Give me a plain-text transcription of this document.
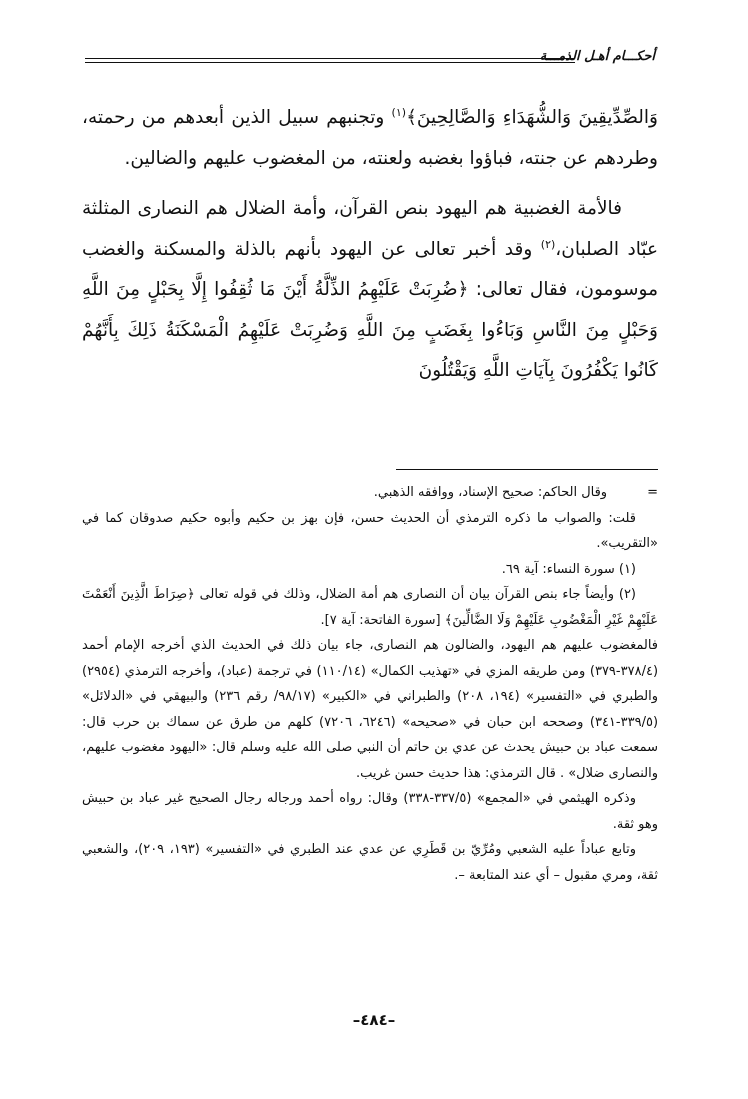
أحكـــام أهـل الذمـــة

وَالصِّدِّيقِينَ وَالشُّهَدَاءِ وَالصَّالِحِينَ﴾$^{(١)}$ وتجنبهم سبيل الذين أبعدهم من رحمته، وطردهم عن جنته، فباؤوا بغضبه ولعنته، من المغضوب عليهم والضالين.

فالأمة الغضبية هم اليهود بنص القرآن، وأمة الضلال هم النصارى المثلثة عبّاد الصلبان،$^{(٢)}$ وقد أخبر تعالى عن اليهود بأنهم بالذلة والمسكنة والغضب موسومون، فقال تعالى: ﴿ضُرِبَتْ عَلَيْهِمُ الذِّلَّةُ أَيْنَ مَا ثُقِفُوا إِلَّا بِحَبْلٍ مِنَ اللَّهِ وَحَبْلٍ مِنَ النَّاسِ وَبَاءُوا بِغَضَبٍ مِنَ اللَّهِ وَضُرِبَتْ عَلَيْهِمُ الْمَسْكَنَةُ ذَلِكَ بِأَنَّهُمْ كَانُوا يَكْفُرُونَ بِآيَاتِ اللَّهِ وَيَقْتُلُونَ

=وقال الحاكم: صحيح الإسناد، ووافقه الذهبي.

قلت: والصواب ما ذكره الترمذي أن الحديث حسن، فإن بهز بن حكيم وأبوه حكيم صدوقان كما في «التقريب».

(١) سورة النساء: آية ٦٩.

(٢) وأيضاً جاء بنص القرآن بيان أن النصارى هم أمة الضلال، وذلك في قوله تعالى ﴿صِرَاطَ الَّذِينَ أَنْعَمْتَ عَلَيْهِمْ غَيْرِ الْمَغْضُوبِ عَلَيْهِمْ وَلَا الضَّالِّينَ﴾ [سورة الفاتحة: آية ٧].

فالمغضوب عليهم هم اليهود، والضالون هم النصارى، جاء بيان ذلك في الحديث الذي أخرجه الإمام أحمد (٣٧٨/٤-٣٧٩) ومن طريقه المزي في «تهذيب الكمال» (١١٠/١٤) في ترجمة (عباد)، وأخرجه الترمذي (٢٩٥٤) والطبري في «التفسير» (١٩٤، ٢٠٨) والطبراني في «الكبير» (٩٨/١٧/ رقم ٢٣٦) والبيهقي في «الدلائل» (٣٣٩/٥-٣٤١) وصححه ابن حبان في «صحيحه» (٦٢٤٦، ٧٢٠٦) كلهم من طرق عن سماك بن حرب قال: سمعت عباد بن حبيش يحدث عن عدي بن حاتم أن النبي صلى الله عليه وسلم قال: «اليهود مغضوب عليهم، والنصارى ضلال» . قال الترمذي: هذا حديث حسن غريب.

وذكره الهيثمي في «المجمع» (٣٣٧/٥-٣٣٨) وقال: رواه أحمد ورجاله رجال الصحيح غير عباد بن حبيش وهو ثقة.

وتابع عباداً عليه الشعبي ومُرِّيّ بن قَطَرِي عن عدي عند الطبري في «التفسير» (١٩٣، ٢٠٩)، والشعبي ثقة، ومري مقبول – أي عند المتابعة –.

–٤٨٤–
